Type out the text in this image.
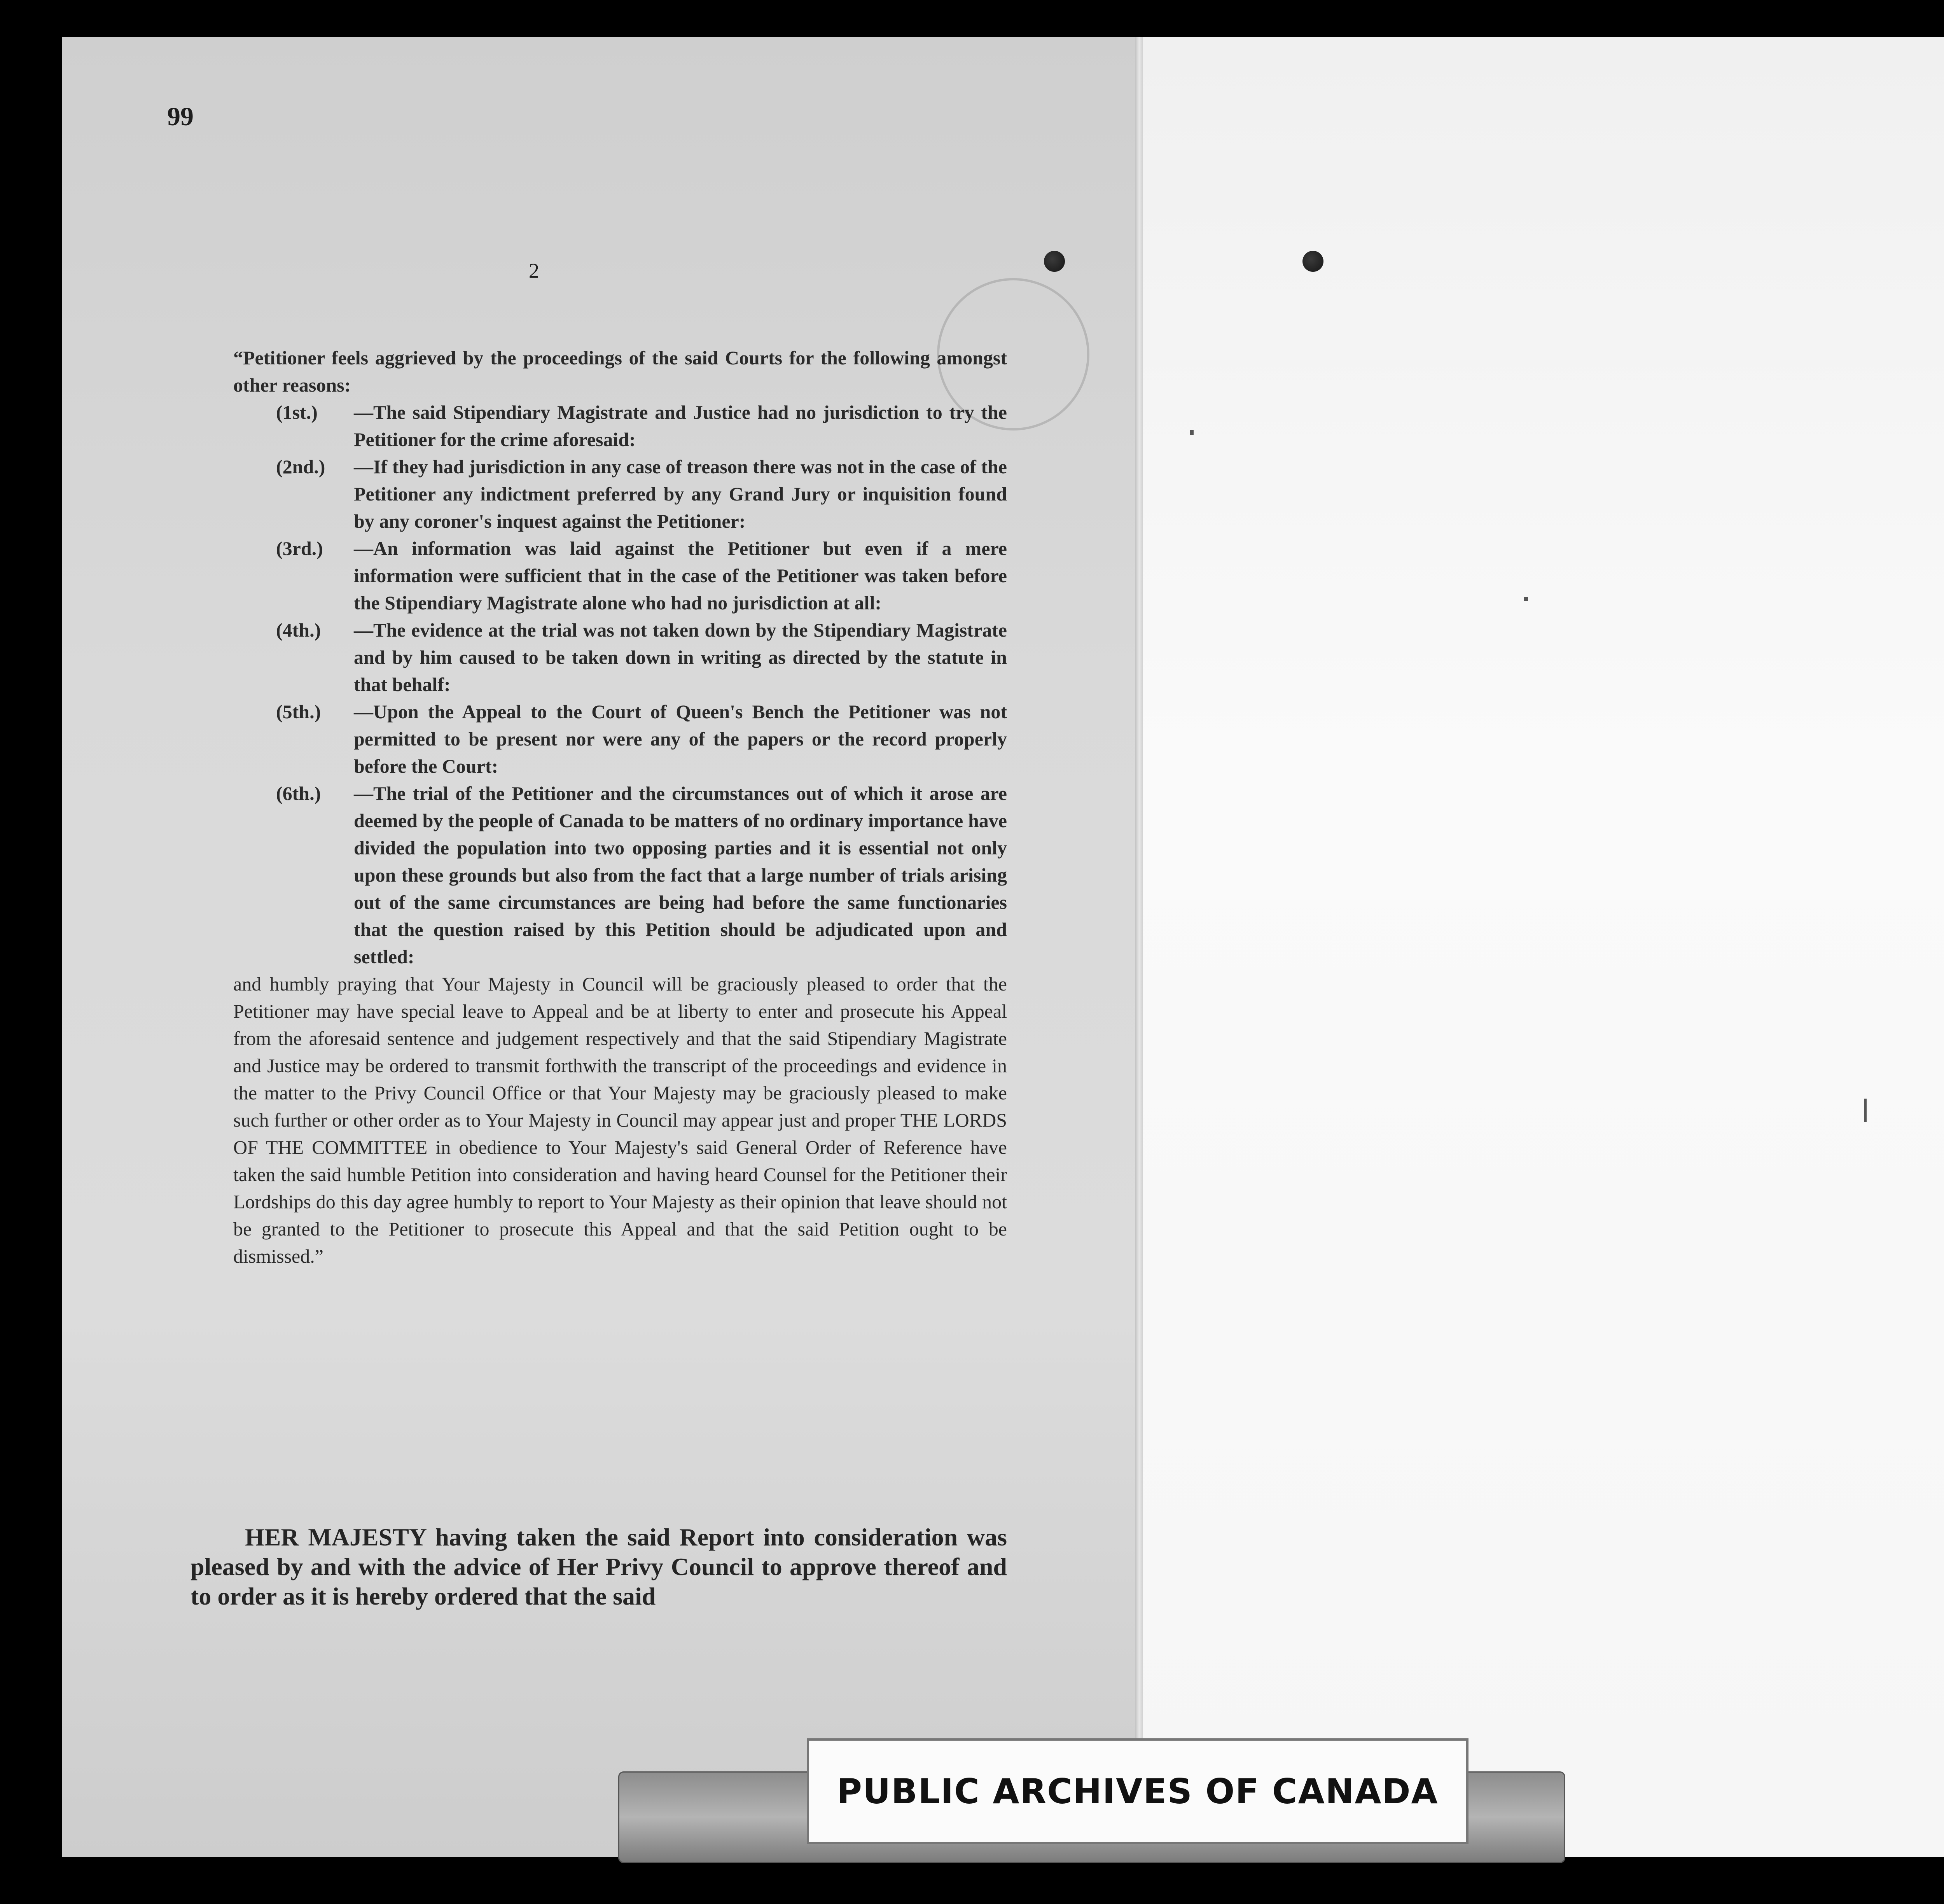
99
2

“Petitioner feels aggrieved by the proceedings of the said Courts for the following amongst other reasons:

(1st.)	—The said Stipendiary Magistrate and Justice had no jurisdiction to try the Petitioner for the crime aforesaid:
(2nd.)	—If they had jurisdiction in any case of treason there was not in the case of the Petitioner any indictment preferred by any Grand Jury or inquisition found by any coroner's inquest against the Petitioner:
(3rd.)	—An information was laid against the Petitioner but even if a mere information were sufficient that in the case of the Petitioner was taken before the Stipendiary Magistrate alone who had no jurisdiction at all:
(4th.)	—The evidence at the trial was not taken down by the Stipendiary Magistrate and by him caused to be taken down in writing as directed by the statute in that behalf:
(5th.)	—Upon the Appeal to the Court of Queen's Bench the Petitioner was not permitted to be present nor were any of the papers or the record properly before the Court:
(6th.)	—The trial of the Petitioner and the circumstances out of which it arose are deemed by the people of Canada to be matters of no ordinary importance have divided the population into two opposing parties and it is essential not only upon these grounds but also from the fact that a large number of trials arising out of the same circumstances are being had before the same functionaries that the question raised by this Petition should be adjudicated upon and settled:

and humbly praying that Your Majesty in Council will be graciously pleased to order that the Petitioner may have special leave to Appeal and be at liberty to enter and prosecute his Appeal from the aforesaid sentence and judgement respectively and that the said Stipendiary Magistrate and Justice may be ordered to transmit forthwith the transcript of the proceedings and evidence in the matter to the Privy Council Office or that Your Majesty may be graciously pleased to make such further or other order as to Your Majesty in Council may appear just and proper THE LORDS OF THE COMMITTEE in obedience to Your Majesty's said General Order of Reference have taken the said humble Petition into consideration and having heard Counsel for the Petitioner their Lordships do this day agree humbly to report to Your Majesty as their opinion that leave should not be granted to the Petitioner to prosecute this Appeal and that the said Petition ought to be dismissed.”

HER MAJESTY having taken the said Report into consideration was pleased by and with the advice of Her Privy Council to approve thereof and to order as it is hereby ordered that the said
PUBLIC ARCHIVES OF CANADA
